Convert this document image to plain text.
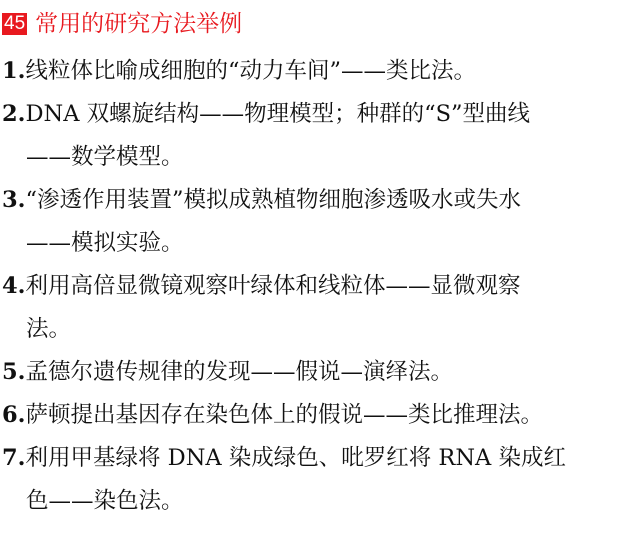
45 常用的研究方法举例
1.线粒体比喻成细胞的“动力车间”——类比法。
2.DNA 双螺旋结构——物理模型；种群的“S”型曲线
——数学模型。
3.“渗透作用装置”模拟成熟植物细胞渗透吸水或失水
——模拟实验。
4.利用高倍显微镜观察叶绿体和线粒体——显微观察
法。
5.孟德尔遗传规律的发现——假说—演绎法。
6.萨顿提出基因存在染色体上的假说——类比推理法。
7.利用甲基绿将 DNA 染成绿色、吡罗红将 RNA 染成红
色——染色法。
